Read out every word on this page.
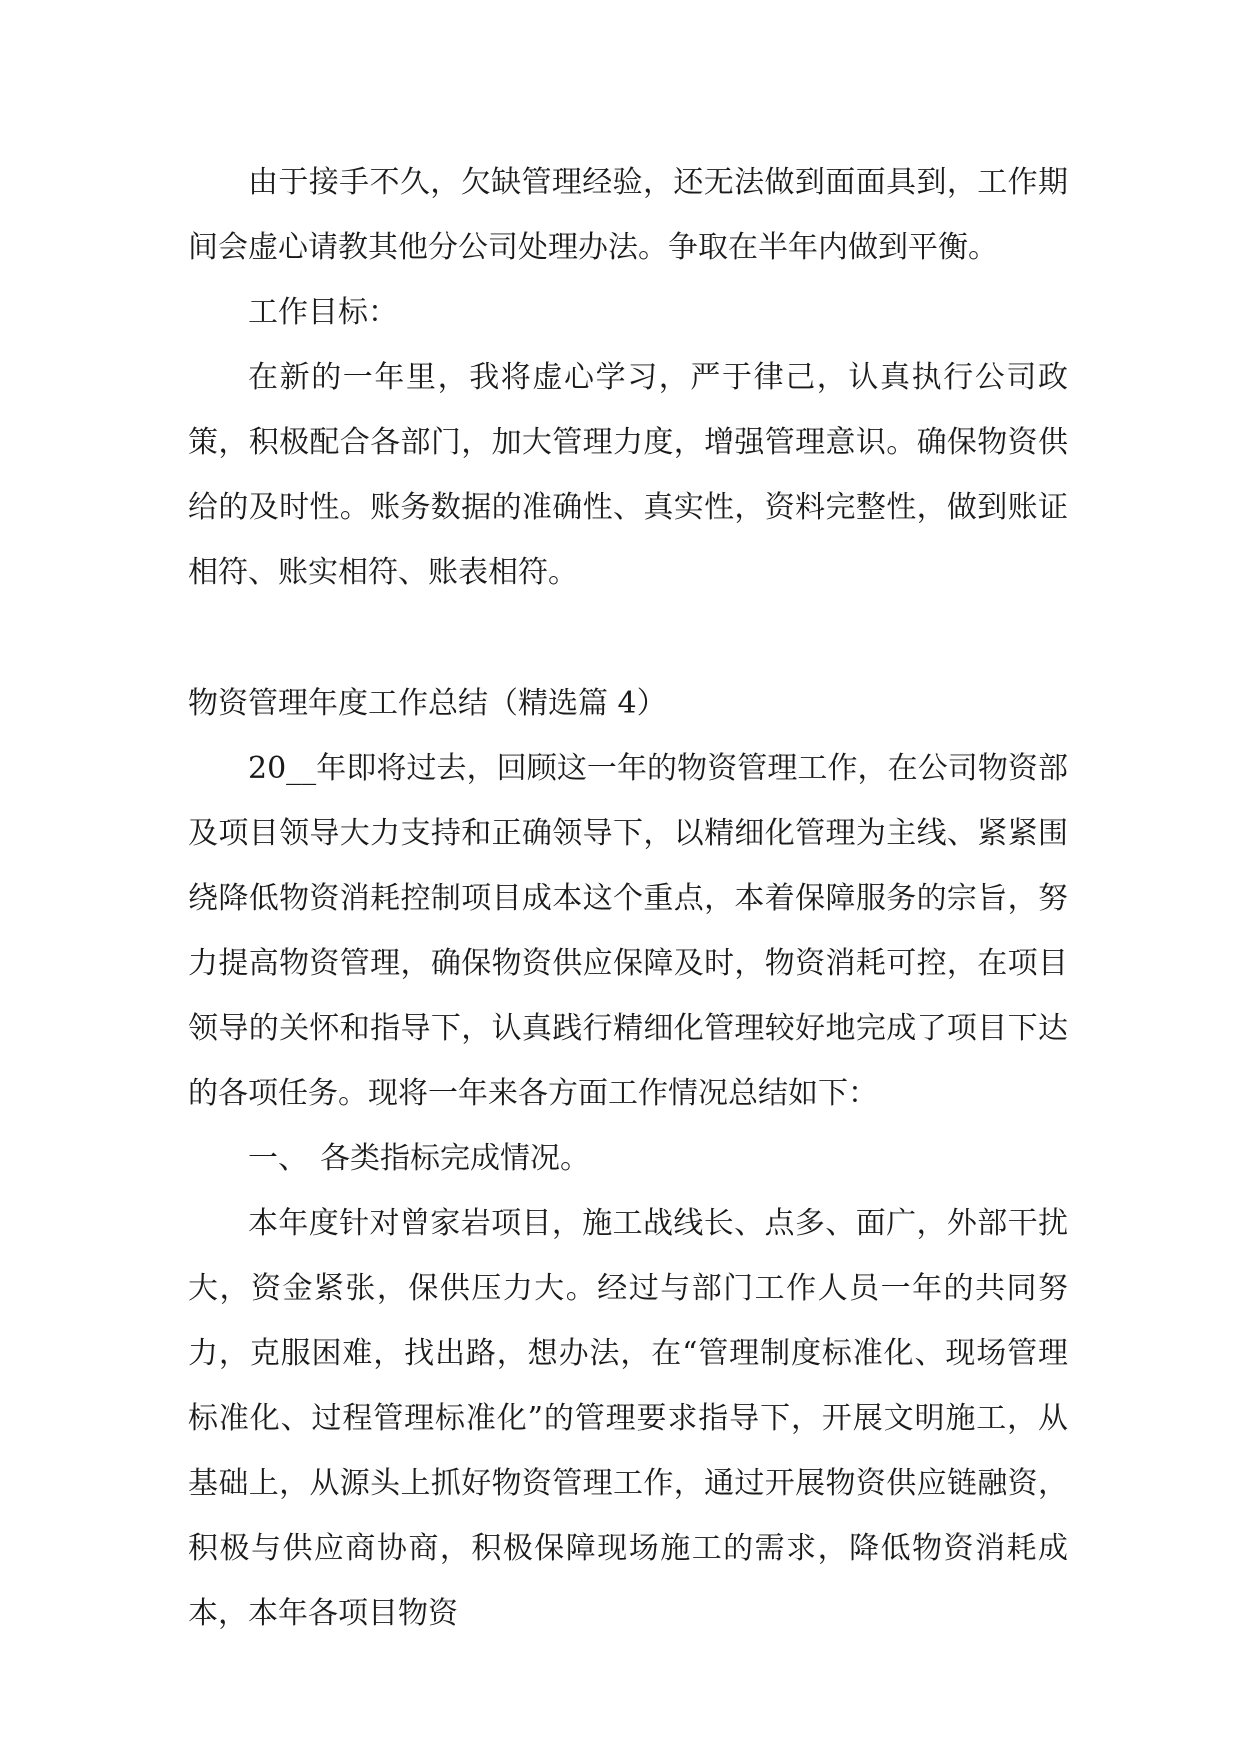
由于接手不久，欠缺管理经验，还无法做到面面具到，工作期间会虚心请教其他分公司处理办法。争取在半年内做到平衡。

工作目标：

在新的一年里，我将虚心学习，严于律己，认真执行公司政策，积极配合各部门，加大管理力度，增强管理意识。确保物资供给的及时性。账务数据的准确性、真实性，资料完整性，做到账证相符、账实相符、账表相符。

物资管理年度工作总结（精选篇 4）

20__年即将过去，回顾这一年的物资管理工作，在公司物资部及项目领导大力支持和正确领导下，以精细化管理为主线、紧紧围绕降低物资消耗控制项目成本这个重点，本着保障服务的宗旨，努力提高物资管理，确保物资供应保障及时，物资消耗可控，在项目领导的关怀和指导下，认真践行精细化管理较好地完成了项目下达的各项任务。现将一年来各方面工作情况总结如下：

一、 各类指标完成情况。

本年度针对曾家岩项目，施工战线长、点多、面广，外部干扰大，资金紧张，保供压力大。经过与部门工作人员一年的共同努力，克服困难，找出路，想办法，在“管理制度标准化、现场管理标准化、过程管理标准化”的管理要求指导下，开展文明施工，从基础上，从源头上抓好物资管理工作，通过开展物资供应链融资，积极与供应商协商，积极保障现场施工的需求，降低物资消耗成本，本年各项目物资
